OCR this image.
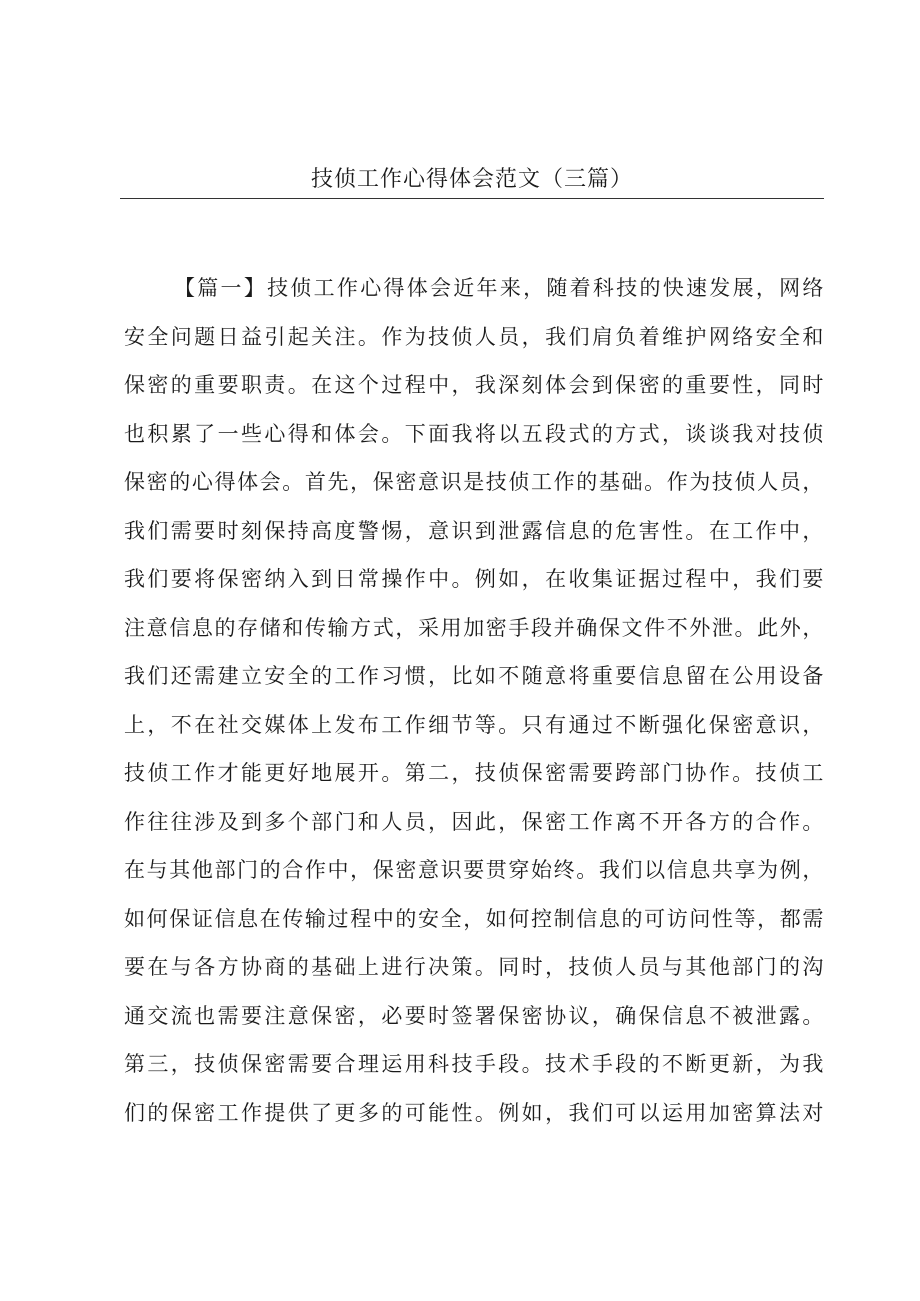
技侦工作心得体会范文（三篇）
【篇一】技侦工作心得体会近年来，随着科技的快速发展，网络
安全问题日益引起关注。作为技侦人员，我们肩负着维护网络安全和
保密的重要职责。在这个过程中，我深刻体会到保密的重要性，同时
也积累了一些心得和体会。下面我将以五段式的方式，谈谈我对技侦
保密的心得体会。首先，保密意识是技侦工作的基础。作为技侦人员，
我们需要时刻保持高度警惕，意识到泄露信息的危害性。在工作中，
我们要将保密纳入到日常操作中。例如，在收集证据过程中，我们要
注意信息的存储和传输方式，采用加密手段并确保文件不外泄。此外，
我们还需建立安全的工作习惯，比如不随意将重要信息留在公用设备
上，不在社交媒体上发布工作细节等。只有通过不断强化保密意识，
技侦工作才能更好地展开。第二，技侦保密需要跨部门协作。技侦工
作往往涉及到多个部门和人员，因此，保密工作离不开各方的合作。
在与其他部门的合作中，保密意识要贯穿始终。我们以信息共享为例，
如何保证信息在传输过程中的安全，如何控制信息的可访问性等，都需
要在与各方协商的基础上进行决策。同时，技侦人员与其他部门的沟
通交流也需要注意保密，必要时签署保密协议，确保信息不被泄露。
第三，技侦保密需要合理运用科技手段。技术手段的不断更新，为我
们的保密工作提供了更多的可能性。例如，我们可以运用加密算法对
